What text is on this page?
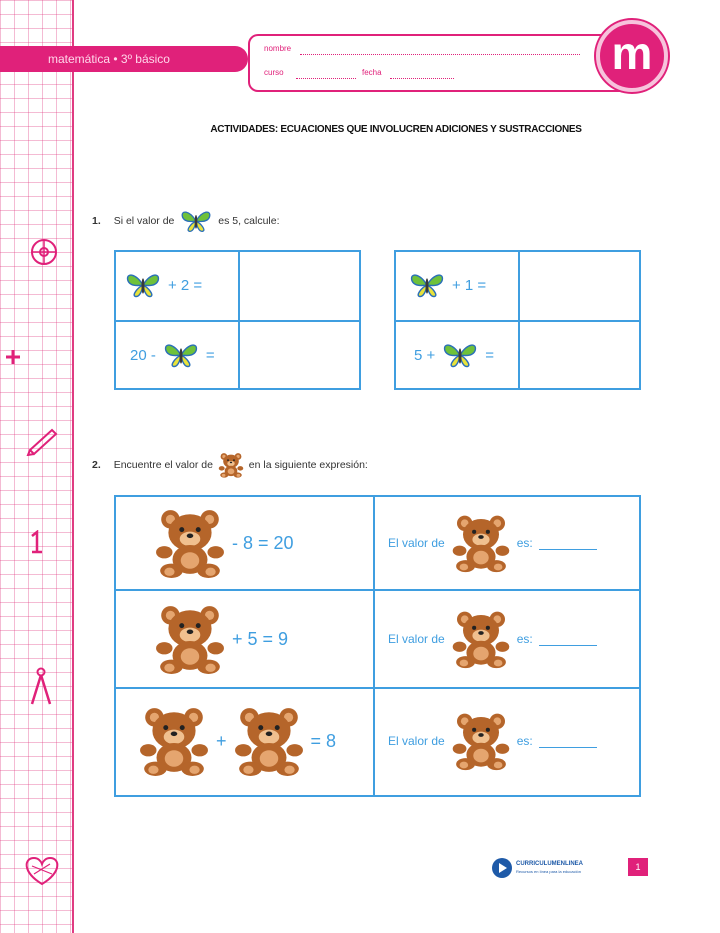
matemática • 3º básico
nombre
curso	fecha	m
ACTIVIDADES: ECUACIONES QUE INVOLUCREN ADICIONES Y SUSTRACCIONES
1. Si el valor de	es 5, calcule:
+ 2 =
20 -	=
+ 1 =
5 +	=
2. Encuentre el valor de	en la siguiente expresión:
- 8 = 20	El valor de	es:
+ 5 = 9	El valor de	es:
+	= 8	El valor de	es:
CURRICULUMENLINEA
Recursos en línea para la educación	1
